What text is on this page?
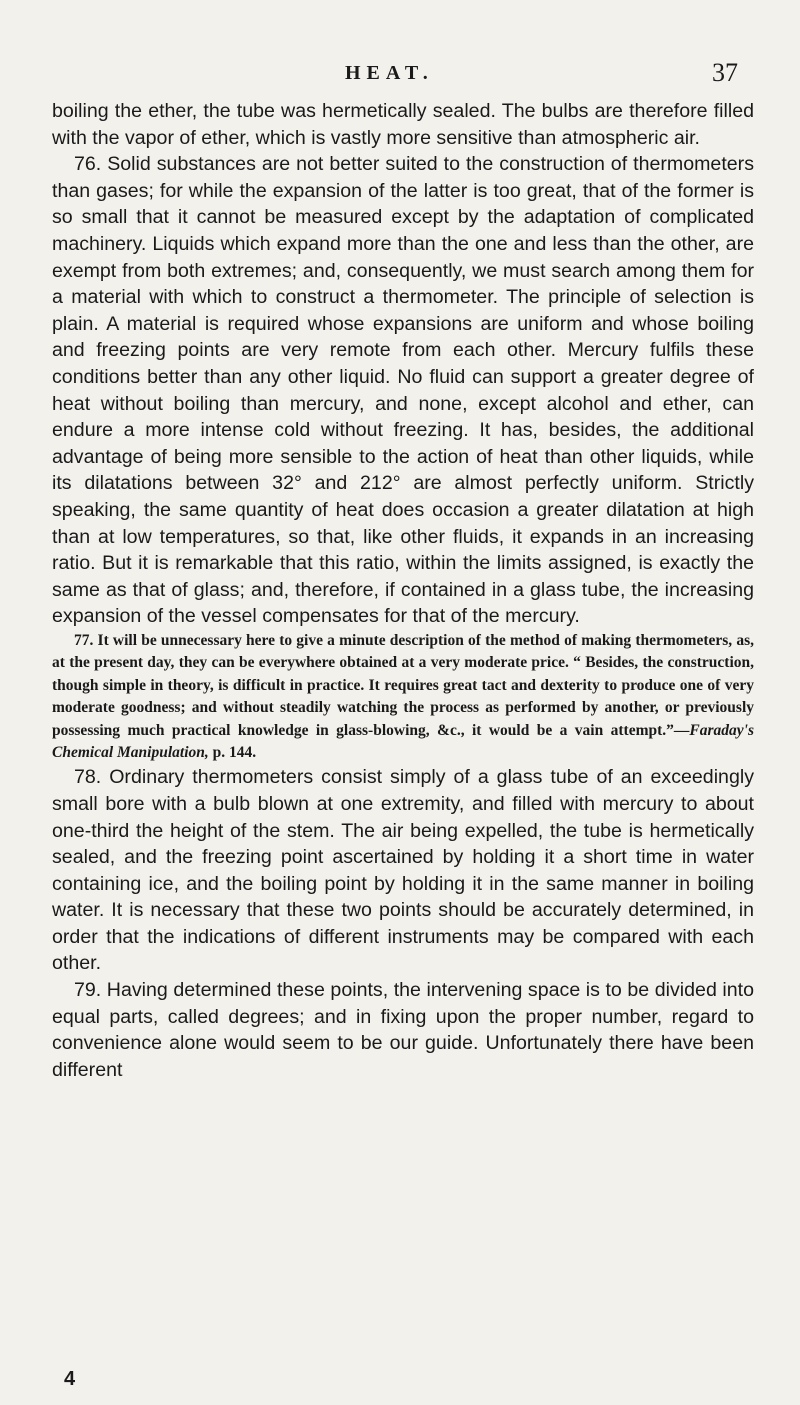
HEAT.	37

boiling the ether, the tube was hermetically sealed. The bulbs are therefore filled with the vapor of ether, which is vastly more sensitive than atmospheric air.

76. Solid substances are not better suited to the construction of thermometers than gases; for while the expansion of the latter is too great, that of the former is so small that it cannot be measured except by the adaptation of complicated machinery. Liquids which expand more than the one and less than the other, are exempt from both extremes; and, consequently, we must search among them for a material with which to construct a thermometer. The principle of selection is plain. A material is required whose expansions are uniform and whose boiling and freezing points are very remote from each other. Mercury fulfils these conditions better than any other liquid. No fluid can support a greater degree of heat without boiling than mercury, and none, except alcohol and ether, can endure a more intense cold without freezing. It has, besides, the additional advantage of being more sensible to the action of heat than other liquids, while its dilatations between 32° and 212° are almost perfectly uniform. Strictly speaking, the same quantity of heat does occasion a greater dilatation at high than at low temperatures, so that, like other fluids, it expands in an increasing ratio. But it is remarkable that this ratio, within the limits assigned, is exactly the same as that of glass; and, therefore, if contained in a glass tube, the increasing expansion of the vessel compensates for that of the mercury.

77. It will be unnecessary here to give a minute description of the method of making thermometers, as, at the present day, they can be everywhere obtained at a very moderate price. “ Besides, the construction, though simple in theory, is difficult in practice. It requires great tact and dexterity to produce one of very moderate goodness; and without steadily watching the process as performed by another, or previously possessing much practical knowledge in glass-blowing, &c., it would be a vain attempt.”—Faraday's Chemical Manipulation, p. 144.

78. Ordinary thermometers consist simply of a glass tube of an exceedingly small bore with a bulb blown at one extremity, and filled with mercury to about one-third the height of the stem. The air being expelled, the tube is hermetically sealed, and the freezing point ascertained by holding it a short time in water containing ice, and the boiling point by holding it in the same manner in boiling water. It is necessary that these two points should be accurately determined, in order that the indications of different instruments may be compared with each other.

79. Having determined these points, the intervening space is to be divided into equal parts, called degrees; and in fixing upon the proper number, regard to convenience alone would seem to be our guide. Unfortunately there have been different

4
